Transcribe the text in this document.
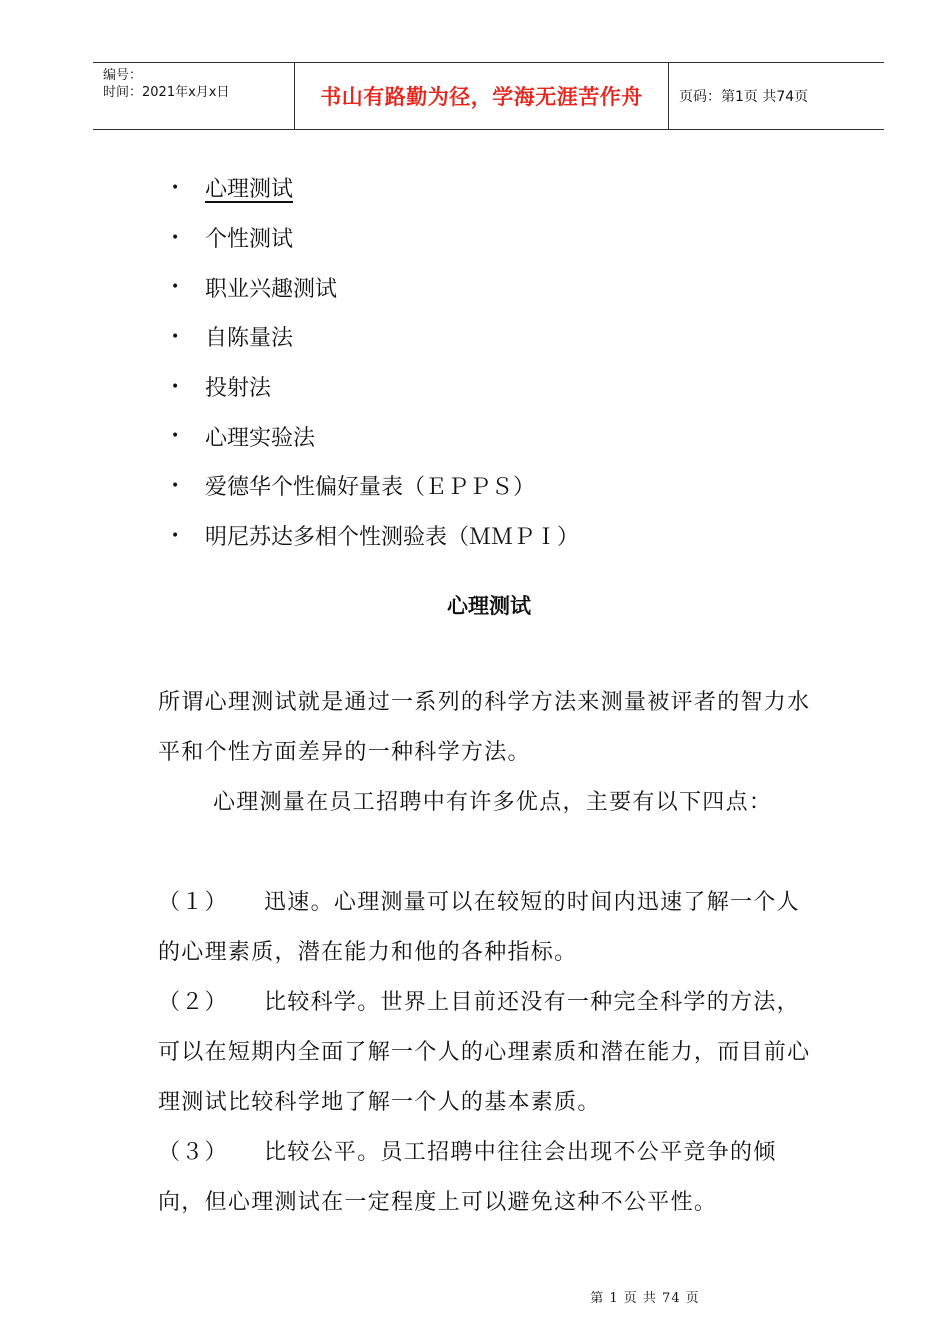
编号：
时间：2021年x月x日	书山有路勤为径，学海无涯苦作舟	页码：第1页 共74页
•	心理测试
•	个性测试
•	职业兴趣测试
•	自陈量法
•	投射法
•	心理实验法
•	爱德华个性偏好量表（ＥＰＰＳ）
•	明尼苏达多相个性测验表（ＭＭＰＩ）
心理测试
所谓心理测试就是通过一系列的科学方法来测量被评者的智力水平和个性方面差异的一种科学方法。
心理测量在员工招聘中有许多优点，主要有以下四点：
（１） 迅速。心理测量可以在较短的时间内迅速了解一个人的心理素质，潜在能力和他的各种指标。
（２） 比较科学。世界上目前还没有一种完全科学的方法，可以在短期内全面了解一个人的心理素质和潜在能力，而目前心理测试比较科学地了解一个人的基本素质。
（３） 比较公平。员工招聘中往往会出现不公平竞争的倾向，但心理测试在一定程度上可以避免这种不公平性。
第 1 页 共 74 页
